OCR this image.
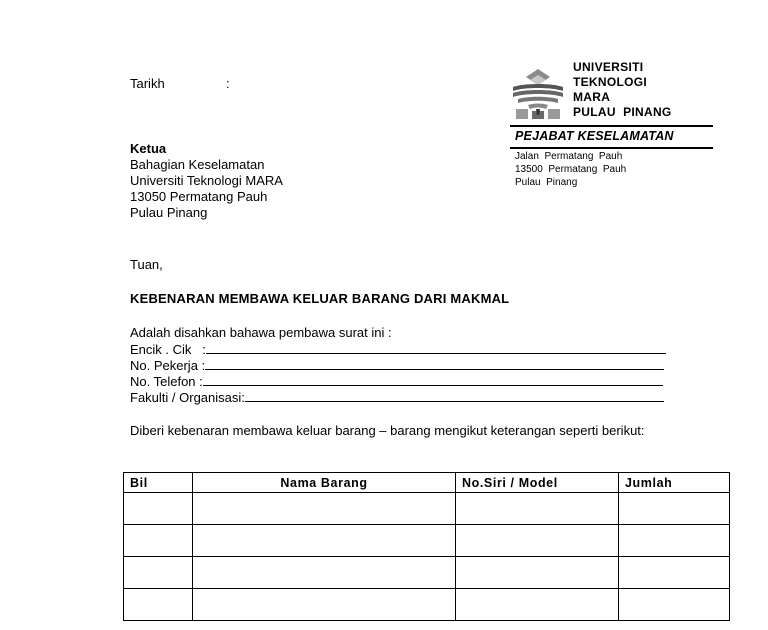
Tarikh	:
Ketua
Bahagian Keselamatan
Universiti Teknologi MARA
13050 Permatang Pauh
Pulau Pinang
UNIVERSITI
TEKNOLOGI
MARA
PULAU  PINANG
PEJABAT KESELAMATAN
Jalan  Permatang  Pauh
13500  Permatang  Pauh
Pulau  Pinang
Tuan,
KEBENARAN MEMBAWA KELUAR BARANG DARI MAKMAL
Adalah disahkan bahawa pembawa surat ini :
Encik . Cik   :
No. Pekerja :
No. Telefon :
Fakulti / Organisasi:
Diberi kebenaran membawa keluar barang – barang mengikut keterangan seperti berikut:
Bil	Nama Barang	No.Siri / Model	Jumlah
